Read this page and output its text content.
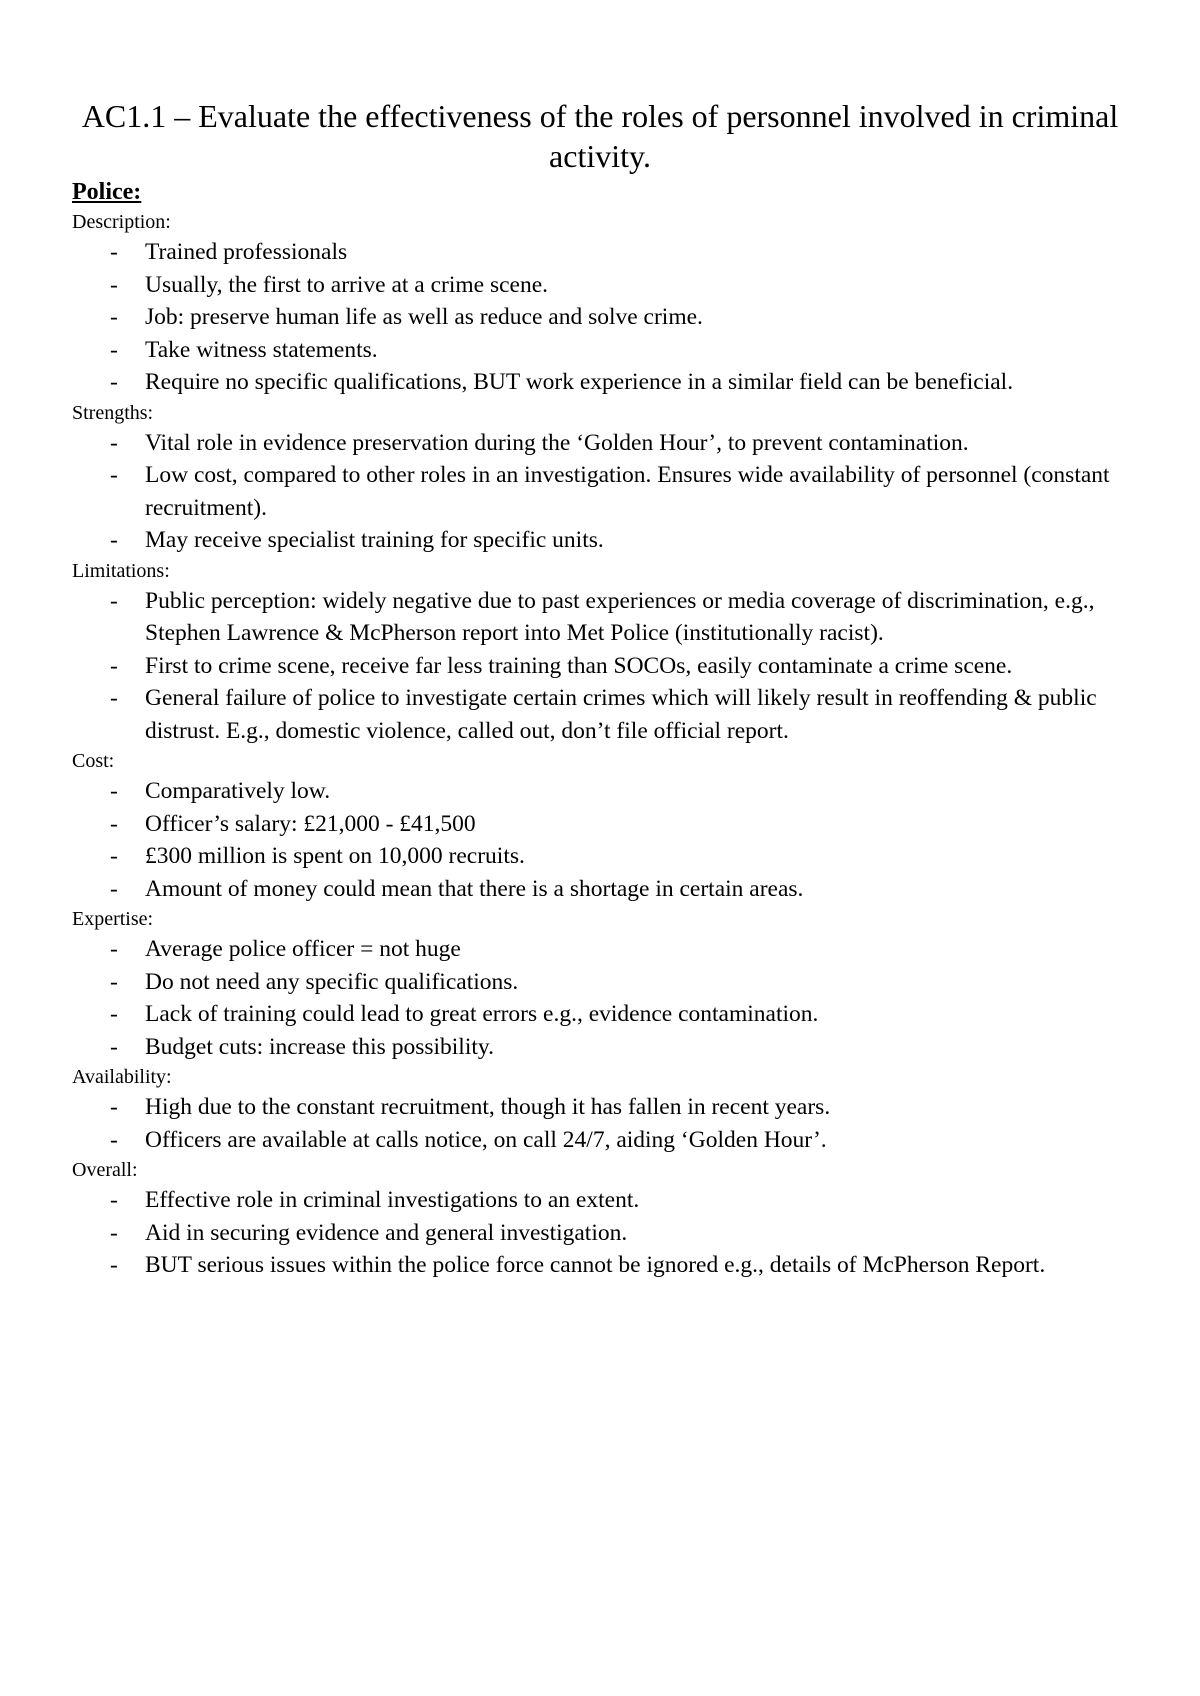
AC1.1 – Evaluate the effectiveness of the roles of personnel involved in criminal activity.

Police:

Description:

- Trained professionals
- Usually, the first to arrive at a crime scene.
- Job: preserve human life as well as reduce and solve crime.
- Take witness statements.
- Require no specific qualifications, BUT work experience in a similar field can be beneficial.

Strengths:

- Vital role in evidence preservation during the ‘Golden Hour’, to prevent contamination.
- Low cost, compared to other roles in an investigation. Ensures wide availability of personnel (constant recruitment).
- May receive specialist training for specific units.

Limitations:

- Public perception: widely negative due to past experiences or media coverage of discrimination, e.g., Stephen Lawrence & McPherson report into Met Police (institutionally racist).
- First to crime scene, receive far less training than SOCOs, easily contaminate a crime scene.
- General failure of police to investigate certain crimes which will likely result in reoffending & public distrust. E.g., domestic violence, called out, don’t file official report.

Cost:

- Comparatively low.
- Officer’s salary: £21,000 - £41,500
- £300 million is spent on 10,000 recruits.
- Amount of money could mean that there is a shortage in certain areas.

Expertise:

- Average police officer = not huge
- Do not need any specific qualifications.
- Lack of training could lead to great errors e.g., evidence contamination.
- Budget cuts: increase this possibility.

Availability:

- High due to the constant recruitment, though it has fallen in recent years.
- Officers are available at calls notice, on call 24/7, aiding ‘Golden Hour’.

Overall:

- Effective role in criminal investigations to an extent.
- Aid in securing evidence and general investigation.
- BUT serious issues within the police force cannot be ignored e.g., details of McPherson Report.
